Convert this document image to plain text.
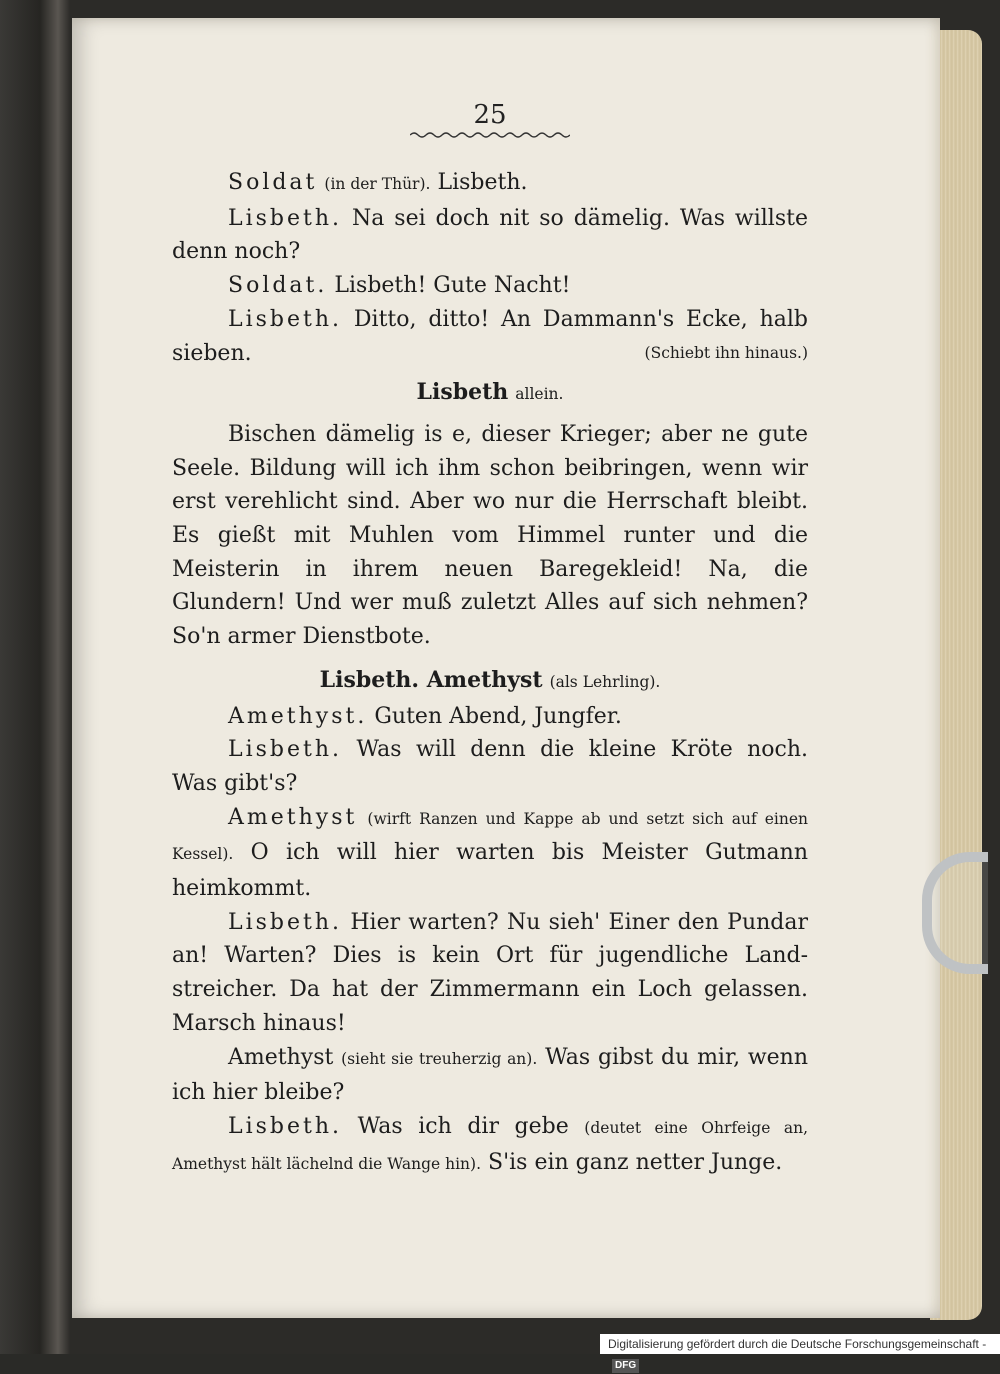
25

Soldat (in der Thür). Lisbeth.

Lisbeth. Na sei doch nit so dämelig. Was willste denn noch?

Soldat. Lisbeth! Gute Nacht!

Lisbeth. Ditto, ditto! An Dammann's Ecke, halb sieben.	(Schiebt ihn hinaus.)

Lisbeth allein.

Bischen dämelig is e, dieser Krieger; aber ne gute Seele. Bildung will ich ihm schon beibringen, wenn wir erst verehlicht sind. Aber wo nur die Herrschaft bleibt. Es gießt mit Muhlen vom Himmel runter und die Meisterin in ihrem neuen Baregekleid! Na, die Glundern! Und wer muß zuletzt Alles auf sich nehmen? So'n armer Dienstbote.

Lisbeth. Amethyst (als Lehrling).

Amethyst. Guten Abend, Jungfer.

Lisbeth. Was will denn die kleine Kröte noch. Was gibt's?

Amethyst (wirft Ranzen und Kappe ab und setzt sich auf einen Kessel). O ich will hier warten bis Meister Gutmann heimkommt.

Lisbeth. Hier warten? Nu sieh' Einer den Pundar an! Warten? Dies is kein Ort für jugendliche Land-streicher. Da hat der Zimmermann ein Loch gelassen. Marsch hinaus!

Amethyst (sieht sie treuherzig an). Was gibst du mir, wenn ich hier bleibe?

Lisbeth. Was ich dir gebe (deutet eine Ohrfeige an, Amethyst hält lächelnd die Wange hin). S'is ein ganz netter Junge.

Digitalisierung gefördert durch die Deutsche Forschungsgemeinschaft -DFG
